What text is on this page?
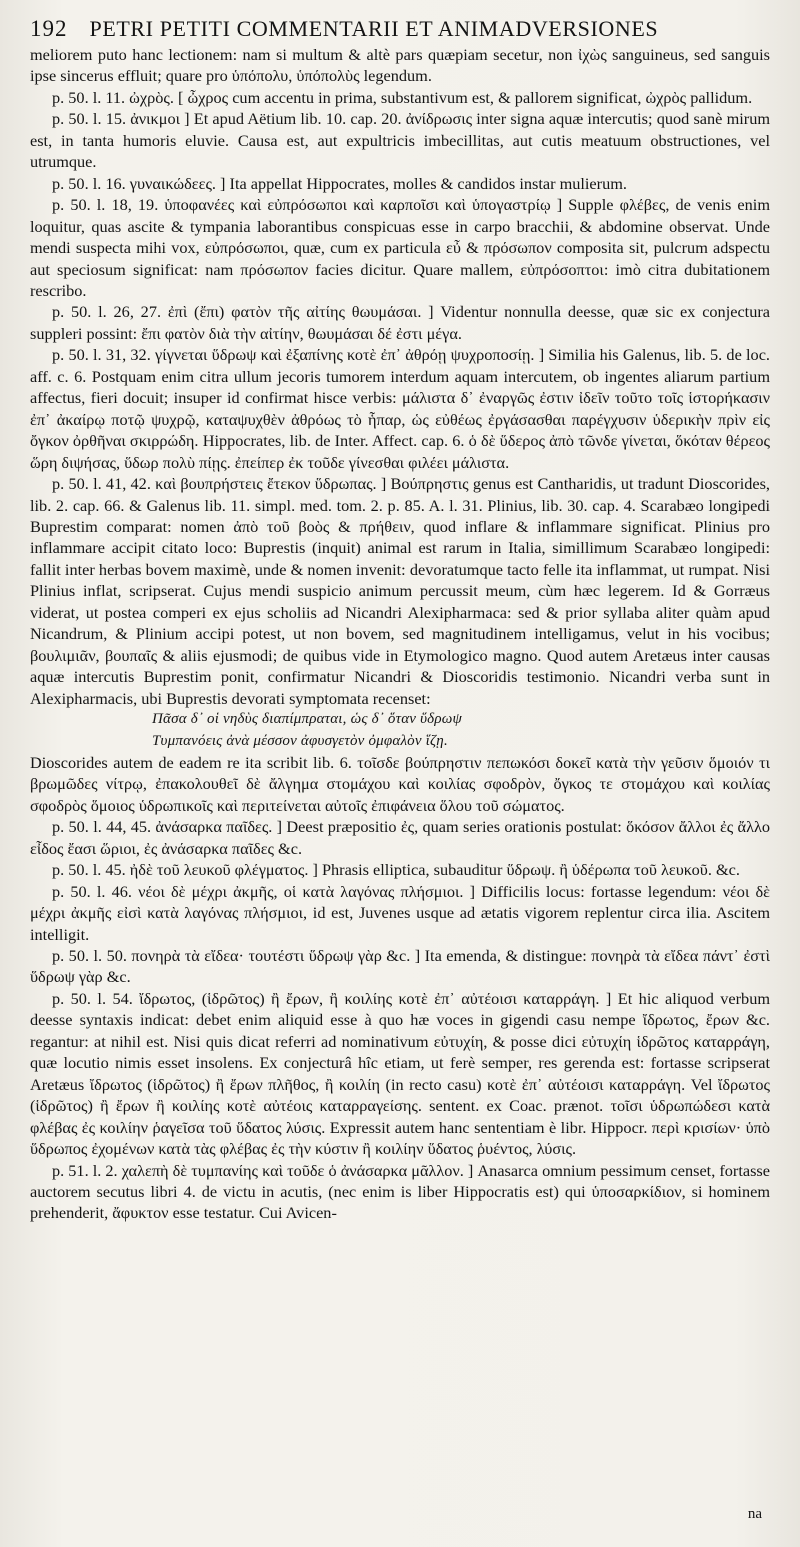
192 PETRI PETITI COMMENTARII ET ANIMADVERSIONES

meliorem puto hanc lectionem: nam si multum & altè pars quæpiam secetur, non ἰχὼς sanguineus, sed sanguis ipse sincerus effluit; quare pro ὑπόπολυ, ὑπόπολὺς legendum.

p. 50. l. 11. ὠχρὸς. [ ὦχρος cum accentu in prima, substantivum est, & pallorem significat, ὠχρὸς pallidum.

p. 50. l. 15. ἀνικμοι ] Et apud Aëtium lib. 10. cap. 20. ἀνίδρωσις inter signa aquæ intercutis; quod sanè mirum est, in tanta humoris eluvie. Causa est, aut expultricis imbecillitas, aut cutis meatuum obstructiones, vel utrumque.

p. 50. l. 16. γυναικώδεες. ] Ita appellat Hippocrates, molles & candidos instar mulierum.

p. 50. l. 18, 19. ὑποφανέες καὶ εὐπρόσωποι καὶ καρποῖσι καὶ ὑπογαστρίῳ ] Supple φλέβες, de venis enim loquitur, quas ascite & tympania laborantibus conspicuas esse in carpo bracchii, & abdomine observat. Unde mendi suspecta mihi vox, εὐπρόσωποι, quæ, cum ex particula εὖ & πρόσωπον composita sit, pulcrum adspectu aut speciosum significat: nam πρόσωπον facies dicitur. Quare mallem, εὐπρόσοπτοι: imò citra dubitationem rescribo.

p. 50. l. 26, 27. ἐπὶ (ἔπι) φατὸν τῆς αἰτίης θωυμάσαι. ] Videntur nonnulla deesse, quæ sic ex conjectura suppleri possint: ἔπι φατὸν διὰ τὴν αἰτίην, θωυμάσαι δέ ἐστι μέγα.

p. 50. l. 31, 32. γίγνεται ὕδρωψ καὶ ἐξαπίνης κοτὲ ἐπ᾽ ἀθρόῃ ψυχροποσίῃ. ] Similia his Galenus, lib. 5. de loc. aff. c. 6. Postquam enim citra ullum jecoris tumorem interdum aquam intercutem, ob ingentes aliarum partium affectus, fieri docuit; insuper id confirmat hisce verbis: μάλιστα δ᾽ ἐναργῶς ἐστιν ἰδεῖν τοῦτο τοῖς ἱστορήκασιν ἐπ᾽ ἀκαίρῳ ποτῷ ψυχρῷ, καταψυχθὲν ἀθρόως τὸ ἧπαρ, ὡς εὐθέως ἐργάσασθαι παρέγχυσιν ὑδερικὴν πρὶν εἰς ὄγκον ὀρθῆναι σκιρρώδη. Hippocrates, lib. de Inter. Affect. cap. 6. ὁ δὲ ὕδερος ἀπὸ τῶνδε γίνεται, ὅκόταν θέρεος ὥρη διψήσας, ὕδωρ πολὺ πίῃς. ἐπείπερ ἐκ τοῦδε γίνεσθαι φιλέει μάλιστα.

p. 50. l. 41, 42. καὶ βουπρήστεις ἔτεκον ὕδρωπας. ] Βούπρηστις genus est Cantharidis, ut tradunt Dioscorides, lib. 2. cap. 66. & Galenus lib. 11. simpl. med. tom. 2. p. 85. A. l. 31. Plinius, lib. 30. cap. 4. Scarabæo longipedi Buprestim comparat: nomen ἀπὸ τοῦ βοὸς & πρήθειν, quod inflare & inflammare significat. Plinius pro inflammare accipit citato loco: Buprestis (inquit) animal est rarum in Italia, simillimum Scarabæo longipedi: fallit inter herbas bovem maximè, unde & nomen invenit: devoratumque tacto felle ita inflammat, ut rumpat. Nisi Plinius inflat, scripserat. Cujus mendi suspicio animum percussit meum, cùm hæc legerem. Id & Gorræus viderat, ut postea comperi ex ejus scholiis ad Nicandri Alexipharmaca: sed & prior syllaba aliter quàm apud Nicandrum, & Plinium accipi potest, ut non bovem, sed magnitudinem intelligamus, velut in his vocibus; βουλιμιᾶν, βουπαῖς & aliis ejusmodi; de quibus vide in Etymologico magno. Quod autem Aretæus inter causas aquæ intercutis Buprestim ponit, confirmatur Nicandri & Dioscoridis testimonio. Nicandri verba sunt in Alexipharmacis, ubi Buprestis devorati symptomata recenset:

Πᾶσα δ᾽ οἱ νηδὺς διαπίμπραται, ὡς δ᾽ ὅταν ὕδρωψ

Τυμπανόεις ἀνὰ μέσσον ἀφυσγετὸν ὀμφαλὸν ἵζῃ.

Dioscorides autem de eadem re ita scribit lib. 6. τοῖσδε βούπρηστιν πεπωκόσι δοκεῖ κατὰ τὴν γεῦσιν ὅμοιόν τι βρωμῶδες νίτρῳ, ἐπακολουθεῖ δὲ ἄλγημα στομάχου καὶ κοιλίας σφοδρὸν, ὄγκος τε στομάχου καὶ κοιλίας σφοδρὸς ὅμοιος ὑδρωπικοῖς καὶ περιτείνεται αὐτοῖς ἐπιφάνεια ὅλου τοῦ σώματος.

p. 50. l. 44, 45. ἀνάσαρκα παῖδες. ] Deest præpositio ἐς, quam series orationis postulat: ὅκόσον ἄλλοι ἐς ἄλλο εἶδος ἔασι ὥριοι, ἐς ἀνάσαρκα παῖδες &c.

p. 50. l. 45. ἠδὲ τοῦ λευκοῦ φλέγματος. ] Phrasis elliptica, subauditur ὕδρωψ. ἢ ὑδέρωπα τοῦ λευκοῦ. &c.

p. 50. l. 46. νέοι δὲ μέχρι ἀκμῆς, οἱ κατὰ λαγόνας πλήσμιοι. ] Difficilis locus: fortasse legendum: νέοι δὲ μέχρι ἀκμῆς εἰσὶ κατὰ λαγόνας πλήσμιοι, id est, Juvenes usque ad ætatis vigorem replentur circa ilia. Ascitem intelligit.

p. 50. l. 50. πονηρὰ τὰ εἴδεα· τουτέστι ὕδρωψ γὰρ &c. ] Ita emenda, & distingue: πονηρὰ τὰ εἴδεα πάντ᾽ ἐστὶ ὕδρωψ γὰρ &c.

p. 50. l. 54. ἴδρωτος, (ἱδρῶτος) ἢ ἔρων, ἢ κοιλίης κοτὲ ἐπ᾽ αὐτέοισι καταρράγη. ] Et hic aliquod verbum deesse syntaxis indicat: debet enim aliquid esse à quo hæ voces in gigendi casu nempe ἴδρωτος, ἔρων &c. regantur: at nihil est. Nisi quis dicat referri ad nominativum εὐτυχίη, & posse dici εὐτυχίη ἱδρῶτος καταρράγη, quæ locutio nimis esset insolens. Ex conjecturâ hîc etiam, ut ferè semper, res gerenda est: fortasse scripserat Aretæus ἴδρωτος (ἱδρῶτος) ἢ ἔρων πλῆθος, ἢ κοιλίη (in recto casu) κοτὲ ἐπ᾽ αὐτέοισι καταρράγη. Vel ἴδρωτος (ἱδρῶτος) ἢ ἔρων ἢ κοιλίης κοτὲ αὐτέοις καταρραγείσης. sentent. ex Coac. prænot. τοῖσι ὑδρωπώδεσι κατὰ φλέβας ἐς κοιλίην ῥαγεῖσα τοῦ ὕδατος λύσις. Expressit autem hanc sententiam è libr. Hippocr. περὶ κρισίων· ὑπὸ ὕδρωπος ἐχομένων κατὰ τὰς φλέβας ἐς τὴν κύστιν ἢ κοιλίην ὕδατος ῥυέντος, λύσις.

p. 51. l. 2. χαλεπὴ δὲ τυμπανίης καὶ τοῦδε ὁ ἀνάσαρκα μᾶλλον. ] Anasarca omnium pessimum censet, fortasse auctorem secutus libri 4. de victu in acutis, (nec enim is liber Hippocratis est) qui ὑποσαρκίδιον, si hominem prehenderit, ἄφυκτον esse testatur. Cui Avicen-

na
